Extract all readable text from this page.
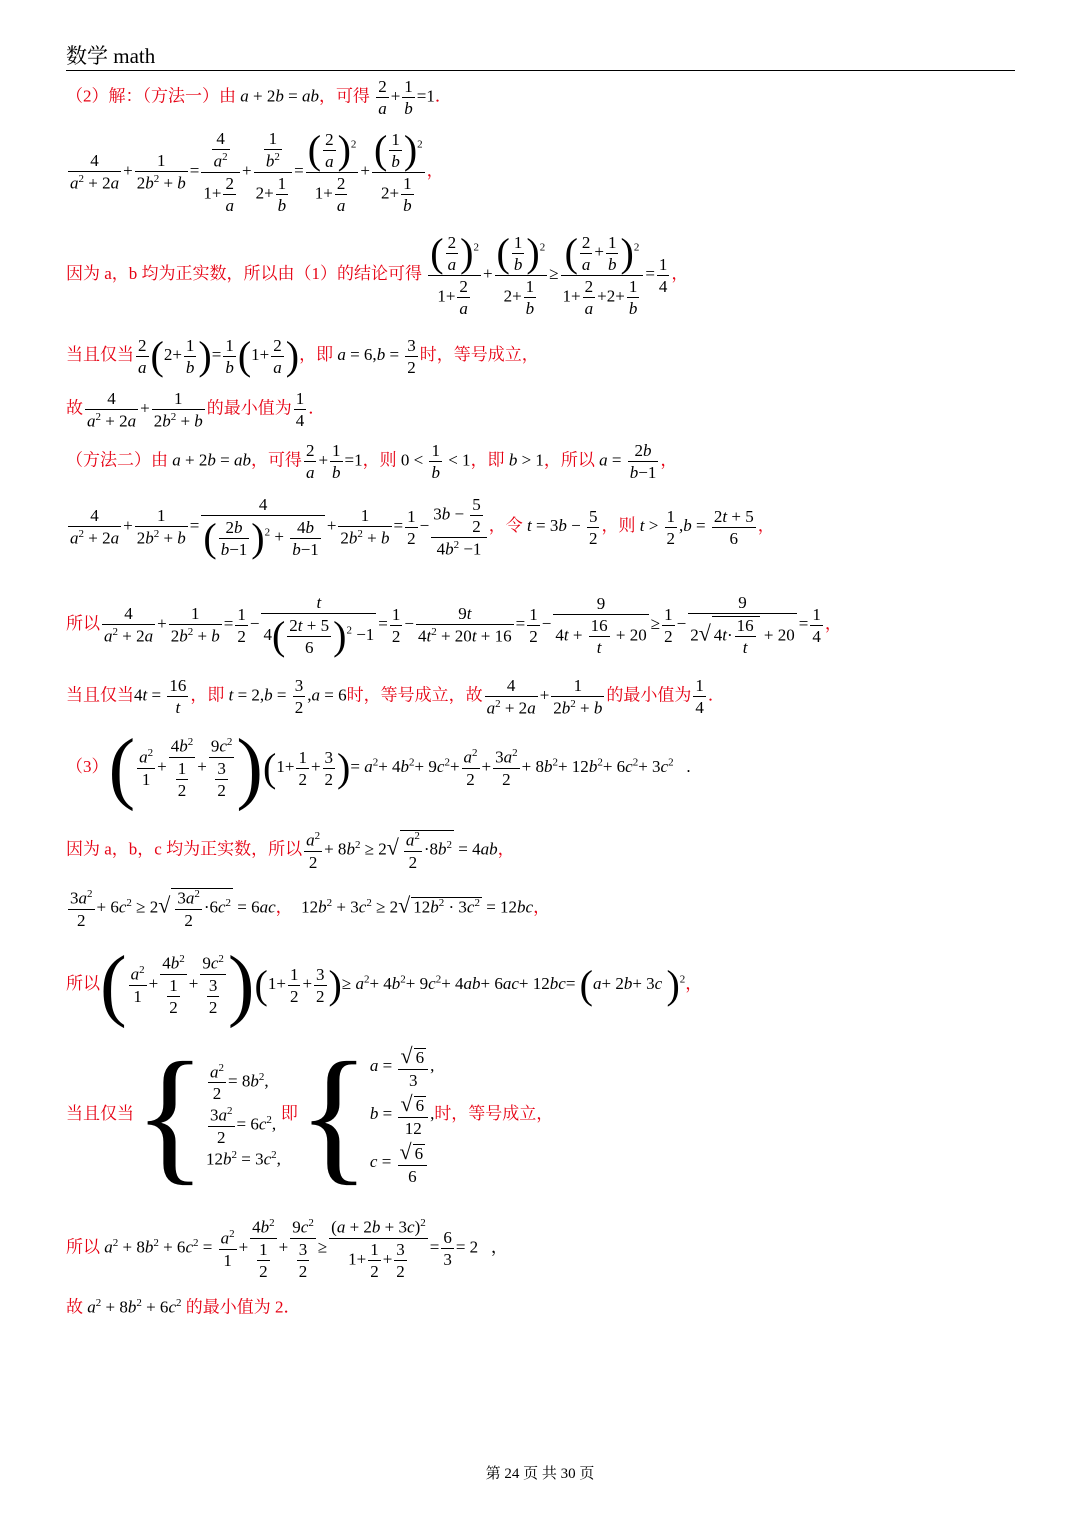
数学 math
（2）解：（方法一）由 a + 2b = ab，可得 $\frac{2}{a} + \frac{1}{b} =1$．
$\frac{4}{a^2 + 2a} + \frac{1}{2b^2 + b} = \frac{\frac{4}{a^2}}{1+ \frac{2}{a}} + \frac{\frac{1}{b^2}}{2+ \frac{1}{b}} = \frac{( \frac{2}{a} )^2}{1+ \frac{2}{a}} + \frac{( \frac{1}{b} )^2}{2+ \frac{1}{b}}$ ，
因为 a，b 均为正实数，所以由（1）的结论可得 $\frac{( \frac{2}{a} )^2}{1+ \frac{2}{a}} + \frac{( \frac{1}{b} )^2}{2+ \frac{1}{b}} \ge \frac{( \frac{2}{a} + \frac{1}{b} )^2}{1+ \frac{2}{a} +2+ \frac{1}{b}} = \frac{1}{4}$ ，
当且仅当 $\frac{2}{a} (2+ \frac{1}{b}$ )= $\frac{1}{b} (1+ \frac{2}{a}$ )，即 $a = 6,b = \frac{3}{2}$ 时，等号成立，
故 $\frac{4}{a^2 + 2a} + \frac{1}{2b^2 + b}$ 的最小值为 $\frac{1}{4}$ ．
（方法二）由 a + 2b = ab，可得 $\frac{2}{a} + \frac{1}{b} =1$，则 $0 < \frac{1}{b} < 1$，即 b > 1，所以 $a = \frac{2b}{b-1}$ ，
$\frac{4}{a^2 + 2a} + \frac{1}{2b^2 + b} = \frac{4}{( \frac{2b}{b-1} )^2 + \frac{4b}{b-1}} + \frac{1}{2b^2 + b} = \frac{1}{2} - \frac{3b - \frac{5}{2}}{4b^2 -1}$ ，令 $t = 3b - \frac{5}{2}$ ，则 $t > \frac{1}{2} ,b = \frac{2t + 5}{6}$ ，
所以 $\frac{4}{a^2 + 2a} + \frac{1}{2b^2 + b} = \frac{1}{2} - \frac{t}{4( \frac{2t + 5}{6} )^2 -1} = \frac{1}{2} - \frac{9t}{4t^2 + 20t + 16} = \frac{1}{2} - \frac{9}{4t + \frac{16}{t} + 20} \ge \frac{1}{2} - \frac{9}{2√ 4t\cdot \frac{16}{t} + 20} = \frac{1}{4}$ ，
当且仅当$4t = \frac{16}{t}$ ，即 $t = 2,b = \frac{3}{2} ,a = 6$时，等号成立，故 $\frac{4}{a^2 + 2a} + \frac{1}{2b^2 + b}$ 的最小值为 $\frac{1}{4}$ ．
$(3)( \frac{a^2}{1} + \frac{4b^2}{\frac{1}{2}} + \frac{9c^2}{\frac{3}{2}} )(1+ \frac{1}{2} + \frac{3}{2}$ )= $a^2+ 4b^2+ 9c^2+ \frac{a^2}{2} + \frac{3a^2}{2} + 8b^2+ 12b^2+ 6c^2+ 3c^2$   .
因为 a，b，c 均为正实数，所以 $\frac{a^2}{2} + 8b^2 \ge 2√ \frac{a^2}{2} \cdot 8b^2 = 4ab$，
$\frac{3a^2}{2} + 6c^2 \ge 2√ \frac{3a^2}{2} \cdot 6c^2 = 6ac$，  $12b^2 + 3c^2 \ge 2√$ $12b^2 \cdot 3c^2 = 12bc$，
所以( $\frac{a^2}{1} + \frac{4b^2}{\frac{1}{2}} + \frac{9c^2}{\frac{3}{2}} )(1+ \frac{1}{2} + \frac{3}{2}$ )≥ $a^2+ 4b^2+ 9c^2+ 4ab+ 6ac+ 12bc= (a+ 2b+ 3c$ )$^2$，
当且仅当{ $\frac{a^2}{2} = 8b^2$,
$\frac{3a^2}{2} = 6c^2$,
$12b^2 = 3c^2$,
即{ $a = \frac{√ 6}{3}$ ,
$b = \frac{√ 6}{12}$ ,
$c = \frac{√ 6}{6}$
时，等号成立，
所以 $a^2 + 8b^2 + 6c^2 = \frac{a^2}{1} + \frac{4b^2}{\frac{1}{2}} + \frac{9c^2}{\frac{3}{2}} \ge \frac{(a + 2b + 3c)^2}{1+ \frac{1}{2} + \frac{3}{2}} = \frac{6}{3} = 2$   ，
故 $a^2 + 8b^2 + 6c^2$ 的最小值为 2．
第 24 页 共 30 页
